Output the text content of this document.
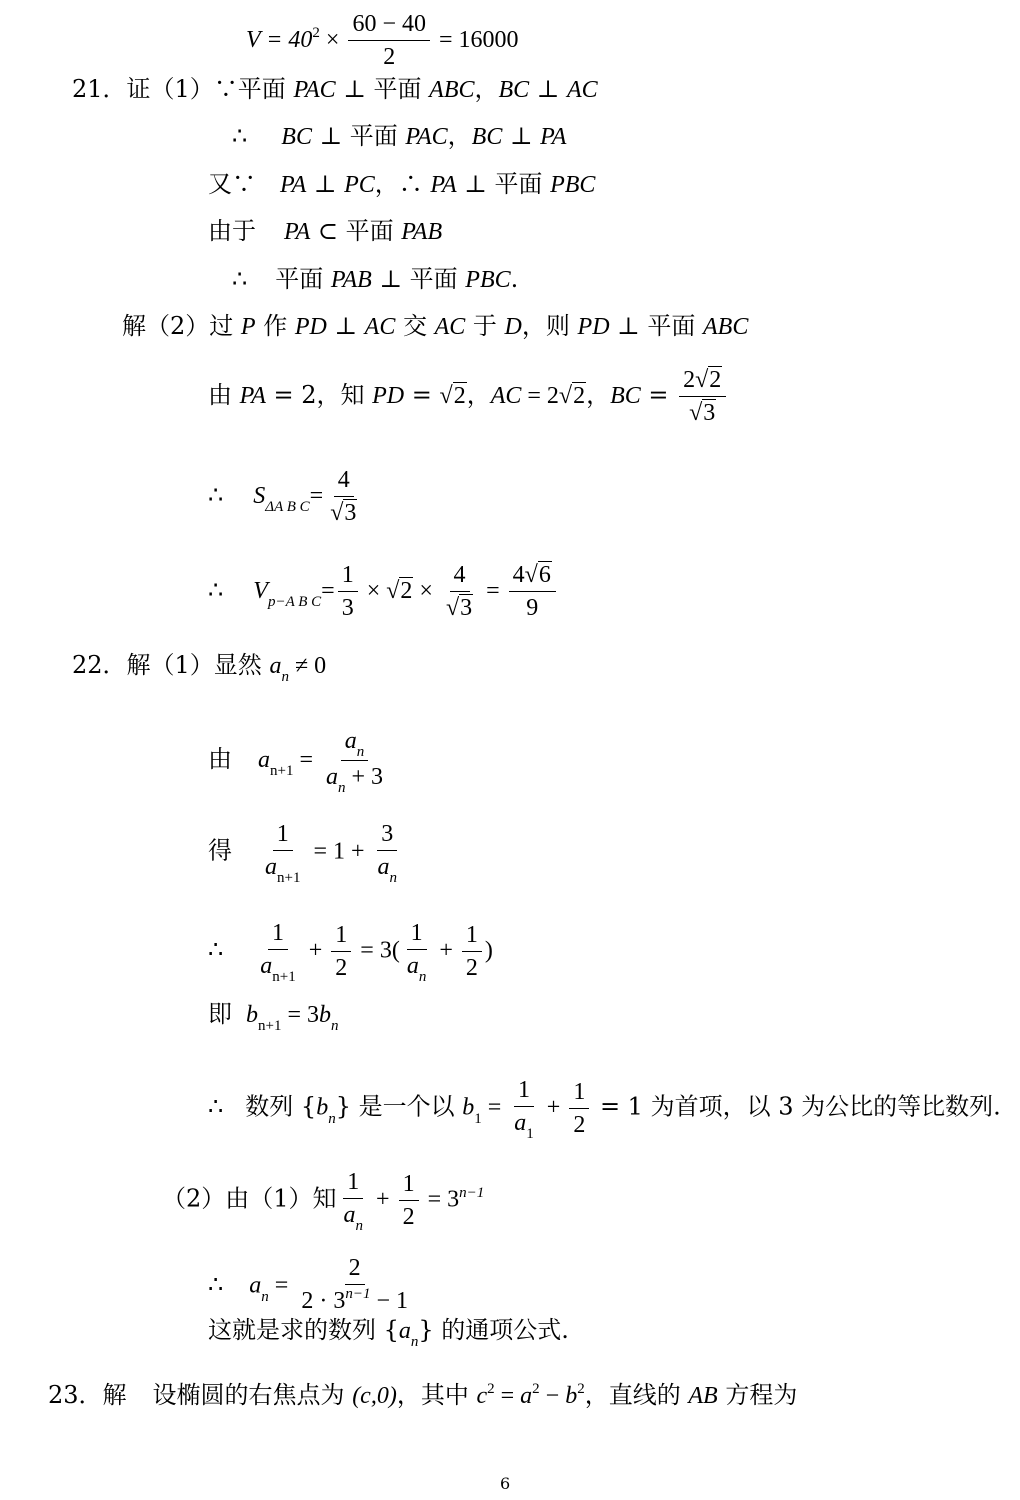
$V = 40^2 \times \frac{60 - 40}{2} = 16000$
21．证（1）∵平面 PAC ⊥ 平面 ABC，BC ⊥ AC
∴ BC ⊥ 平面 PAC，BC ⊥ PA
又∵ PA ⊥ PC，∴ PA ⊥ 平面 PBC
由于 PA ⊂ 平面 PAB
∴ 平面 PAB ⊥ 平面 PBC.
解（2）过 P 作 PD ⊥ AC 交 AC 于 D，则 PD ⊥ 平面 ABC
由 PA = 2，知 PD = √2，AC = 2√2，BC = $\frac{2√2}{√3}$
∴ $S_{\Delta A B C}= \frac{4}{√3}$
∴ $V_{p-A B C}= \frac{1}{3} \times √2 \times \frac{4}{√3} = \frac{4√6}{9}$
22．解（1）显然 $a_n \ne 0$
由 $a_{n+1} = \frac{a_n}{a_n + 3}$
得 $\frac{1}{a_{n+1}} = 1 + \frac{3}{a_n}$
∴ $\frac{1}{a_{n+1}} + \frac{1}{2} = 3( \frac{1}{a_n} + \frac{1}{2}$ )
即 $b_{n+1} = 3b_n$
∴ 数列 $\{b_n\}$ 是一个以 $b_1 = \frac{1}{a_1} + \frac{1}{2} = 1$ 为首项，以 3 为公比的等比数列.
（2）由（1）知 $\frac{1}{a_n} + \frac{1}{2} = 3^{n-1}$
∴ $a_n = \frac{2}{2 \cdot 3^{n-1} - 1}$
这就是求的数列 $\{a_n\}$ 的通项公式.
23．解 设椭圆的右焦点为 (c,0)，其中 $c^2 = a^2 - b^2$，直线的 AB 方程为
6
